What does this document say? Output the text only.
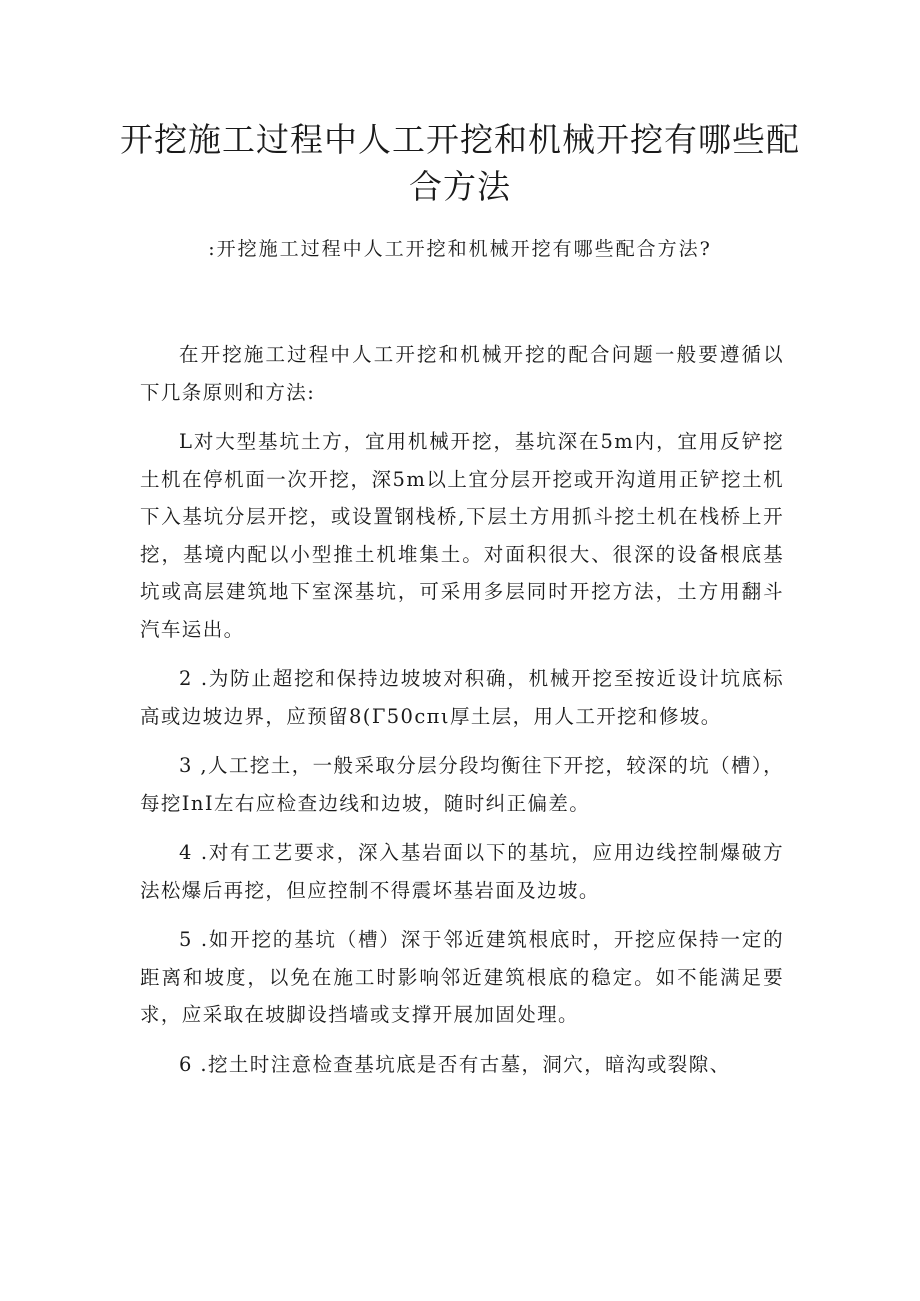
开挖施工过程中人工开挖和机械开挖有哪些配合方法

:开挖施工过程中人工开挖和机械开挖有哪些配合方法?

在开挖施工过程中人工开挖和机械开挖的配合问题一般要遵循以下几条原则和方法:

L对大型基坑土方，宜用机械开挖，基坑深在5m内，宜用反铲挖土机在停机面一次开挖，深5m以上宜分层开挖或开沟道用正铲挖土机下入基坑分层开挖，或设置钢栈桥,下层土方用抓斗挖土机在栈桥上开挖，基境内配以小型推土机堆集土。对面积很大、很深的设备根底基坑或高层建筑地下室深基坑，可采用多层同时开挖方法，土方用翻斗汽车运出。

2 .为防止超挖和保持边坡坡对积确，机械开挖至按近设计坑底标高或边坡边界，应预留8(Γ50cπι厚土层，用人工开挖和修坡。

3 ,人工挖土，一般采取分层分段均衡往下开挖，较深的坑（槽），每挖InI左右应检查边线和边坡，随时纠正偏差。

4 .对有工艺要求，深入基岩面以下的基坑，应用边线控制爆破方法松爆后再挖，但应控制不得震坏基岩面及边坡。

5 .如开挖的基坑（槽）深于邻近建筑根底时，开挖应保持一定的距离和坡度，以免在施工时影响邻近建筑根底的稳定。如不能满足要求，应采取在坡脚设挡墙或支撑开展加固处理。

6 .挖土时注意检查基坑底是否有古墓，洞穴，暗沟或裂隙、
